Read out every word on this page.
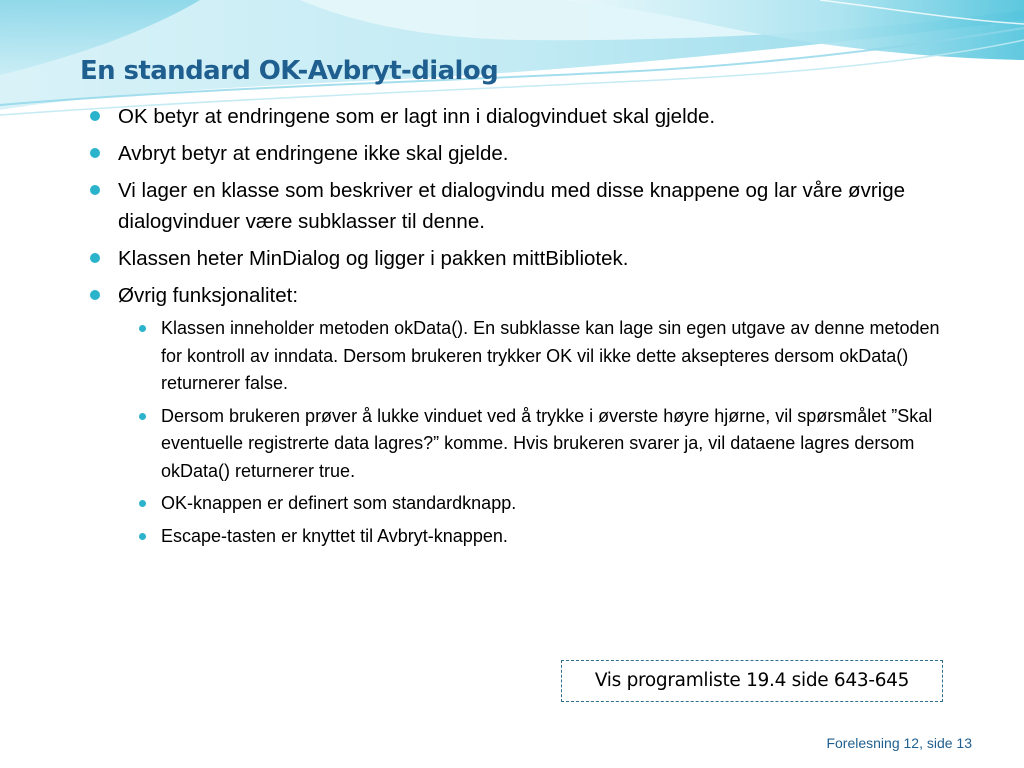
En standard OK-Avbryt-dialog
OK betyr at endringene som er lagt inn i dialogvinduet skal gjelde.
Avbryt betyr at endringene ikke skal gjelde.
Vi lager en klasse som beskriver et dialogvindu med disse knappene og lar våre øvrige dialogvinduer være subklasser til denne.
Klassen heter MinDialog og ligger i pakken mittBibliotek.
Øvrig funksjonalitet:
Klassen inneholder metoden okData(). En subklasse kan lage sin egen utgave av denne metoden for kontroll av inndata. Dersom brukeren trykker OK vil ikke dette aksepteres dersom okData() returnerer false.
Dersom brukeren prøver å lukke vinduet ved å trykke i øverste høyre hjørne, vil spørsmålet ”Skal eventuelle registrerte data lagres?” komme. Hvis brukeren svarer ja, vil dataene lagres dersom okData() returnerer true.
OK-knappen er definert som standardknapp.
Escape-tasten er knyttet til Avbryt-knappen.
Vis programliste 19.4 side 643-645
Forelesning 12, side 13
